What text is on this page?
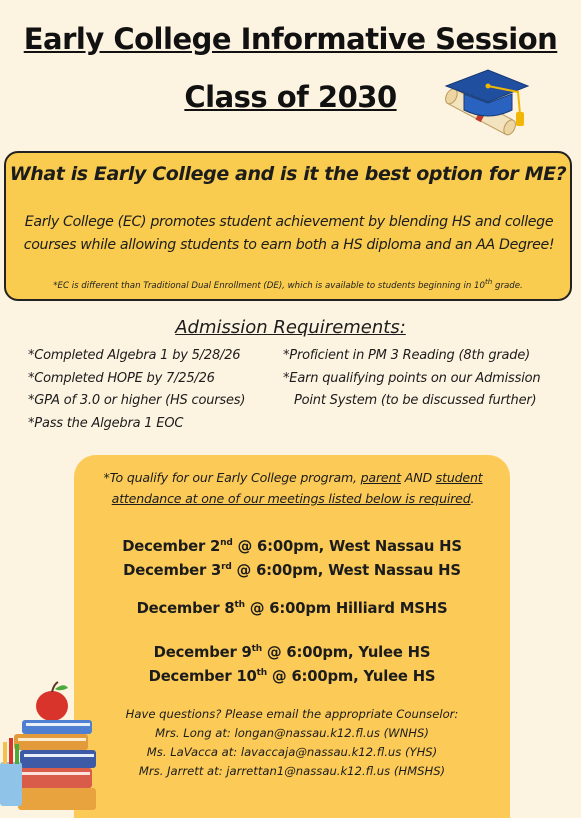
Early College Informative Session
Class of 2030
What is Early College and is it the best option for ME?
Early College (EC) promotes student achievement by blending HS and college
courses while allowing students to earn both a HS diploma and an AA Degree!
*EC is different than Traditional Dual Enrollment (DE), which is available to students beginning in 10th grade.
Admission Requirements:
*Completed Algebra 1 by 5/28/26
*Completed HOPE by 7/25/26
*GPA of 3.0 or higher (HS courses)
*Pass the Algebra 1 EOC
*Proficient in PM 3 Reading (8th grade)
*Earn qualifying points on our Admission
Point System (to be discussed further)
*To qualify for our Early College program, parent AND student
attendance at one of our meetings listed below is required.
December 2nd @ 6:00pm, West Nassau HS
December 3rd @ 6:00pm, West Nassau HS
December 8th @ 6:00pm Hilliard MSHS
December 9th @ 6:00pm, Yulee HS
December 10th @ 6:00pm, Yulee HS
Have questions? Please email the appropriate Counselor:
Mrs. Long at: longan@nassau.k12.fl.us (WNHS)
Ms. LaVacca at: lavaccaja@nassau.k12.fl.us (YHS)
Mrs. Jarrett at: jarrettan1@nassau.k12.fl.us (HMSHS)
